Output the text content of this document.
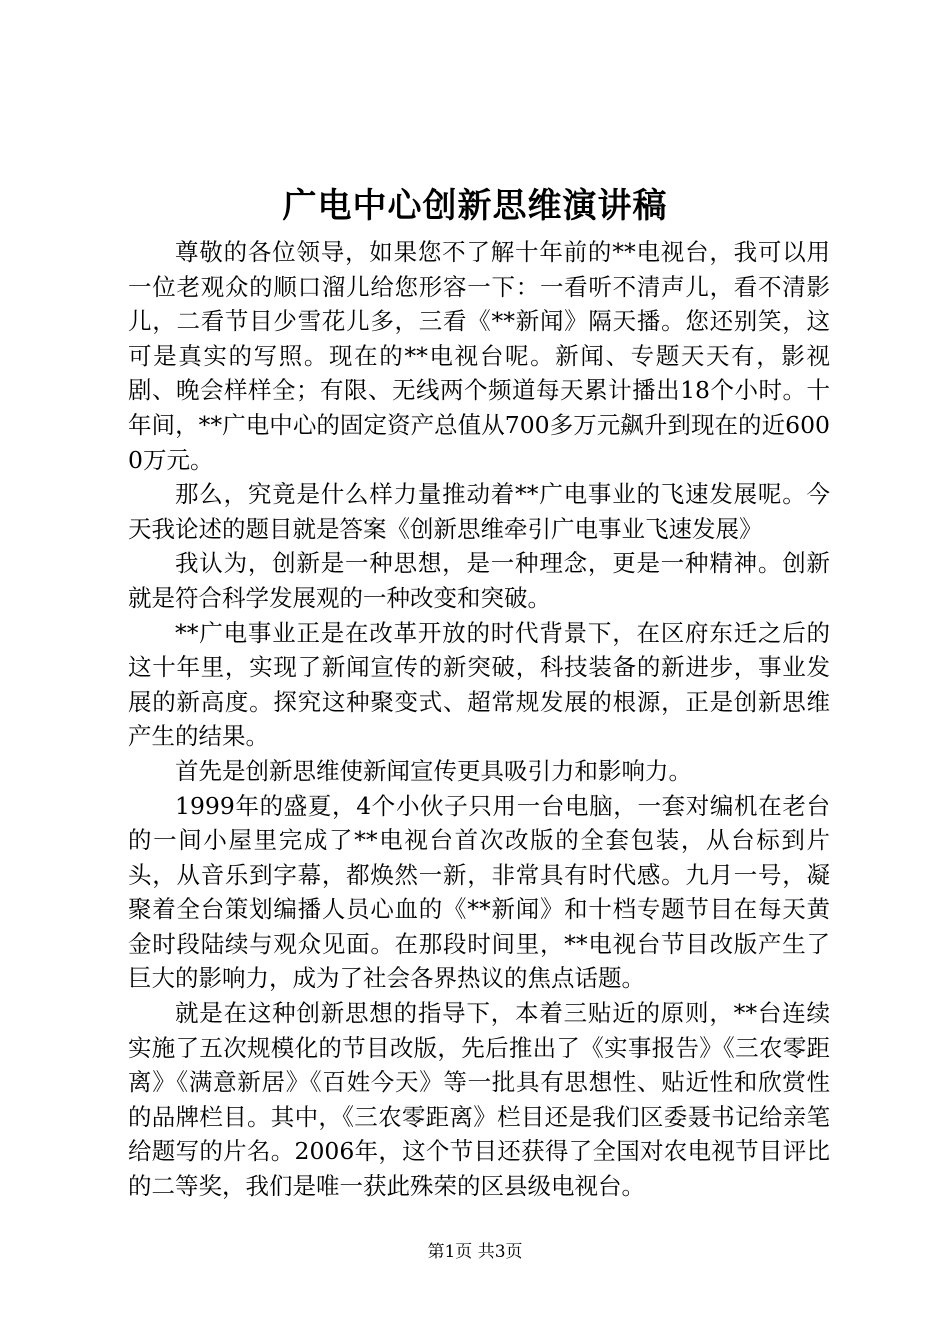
广电中心创新思维演讲稿

尊敬的各位领导，如果您不了解十年前的**电视台，我可以用一位老观众的顺口溜儿给您形容一下：一看听不清声儿，看不清影儿，二看节目少雪花儿多，三看《**新闻》隔天播。您还别笑，这可是真实的写照。现在的**电视台呢。新闻、专题天天有，影视剧、晚会样样全；有限、无线两个频道每天累计播出18个小时。十年间，**广电中心的固定资产总值从700多万元飙升到现在的近6000万元。

那么，究竟是什么样力量推动着**广电事业的飞速发展呢。今天我论述的题目就是答案《创新思维牵引广电事业飞速发展》

我认为，创新是一种思想，是一种理念，更是一种精神。创新就是符合科学发展观的一种改变和突破。

**广电事业正是在改革开放的时代背景下，在区府东迁之后的这十年里，实现了新闻宣传的新突破，科技装备的新进步，事业发展的新高度。探究这种聚变式、超常规发展的根源，正是创新思维产生的结果。

首先是创新思维使新闻宣传更具吸引力和影响力。

1999年的盛夏，4个小伙子只用一台电脑，一套对编机在老台的一间小屋里完成了**电视台首次改版的全套包装，从台标到片头，从音乐到字幕，都焕然一新，非常具有时代感。九月一号，凝聚着全台策划编播人员心血的《**新闻》和十档专题节目在每天黄金时段陆续与观众见面。在那段时间里，**电视台节目改版产生了巨大的影响力，成为了社会各界热议的焦点话题。

就是在这种创新思想的指导下，本着三贴近的原则，**台连续实施了五次规模化的节目改版，先后推出了《实事报告》《三农零距离》《满意新居》《百姓今天》等一批具有思想性、贴近性和欣赏性的品牌栏目。其中，《三农零距离》栏目还是我们区委聂书记给亲笔给题写的片名。2006年，这个节目还获得了全国对农电视节目评比的二等奖，我们是唯一获此殊荣的区县级电视台。

第1页 共3页
